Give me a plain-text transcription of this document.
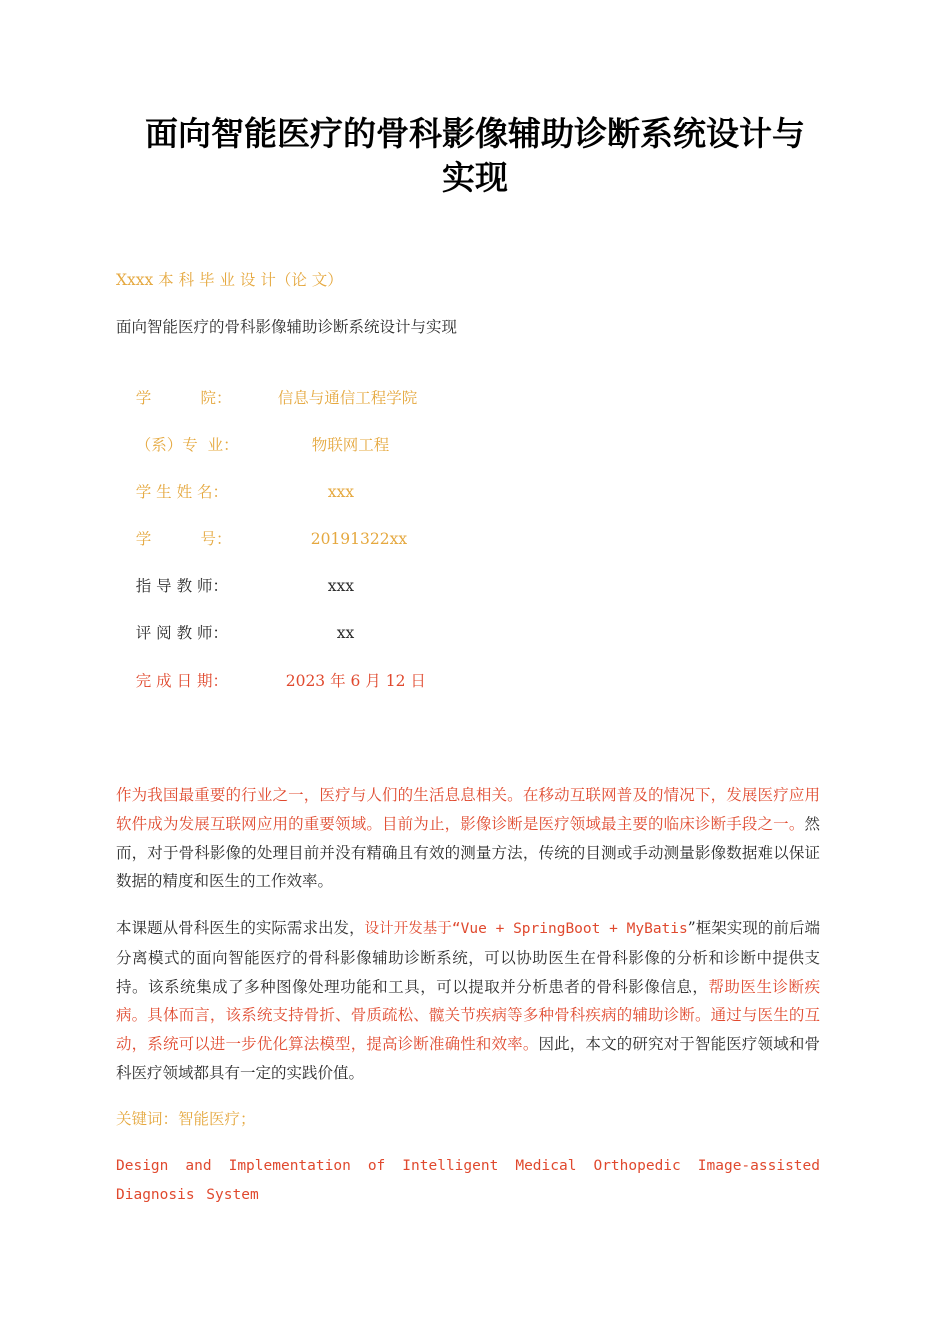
面向智能医疗的骨科影像辅助诊断系统设计与
实现
Xxxx 本 科 毕 业 设 计（论 文）
面向智能医疗的骨科影像辅助诊断系统设计与实现

学          院：	信息与通信工程学院

（系）专  业：	物联网工程

学 生 姓 名：	xxx

学          号：	20191322xx

指 导 教 师：	xxx

评 阅 教 师：	xx

完 成 日 期：	2023 年 6 月 12 日

作为我国最重要的行业之一，医疗与人们的生活息息相关。在移动互联网普及的情况下，发展医疗应用软件成为发展互联网应用的重要领域。目前为止，影像诊断是医疗领域最主要的临床诊断手段之一。然而，对于骨科影像的处理目前并没有精确且有效的测量方法，传统的目测或手动测量影像数据难以保证数据的精度和医生的工作效率。
本课题从骨科医生的实际需求出发，设计开发基于“Vue + SpringBoot + MyBatis”框架实现的前后端分离模式的面向智能医疗的骨科影像辅助诊断系统，可以协助医生在骨科影像的分析和诊断中提供支持。该系统集成了多种图像处理功能和工具，可以提取并分析患者的骨科影像信息，帮助医生诊断疾病。具体而言，该系统支持骨折、骨质疏松、髋关节疾病等多种骨科疾病的辅助诊断。通过与医生的互动，系统可以进一步优化算法模型，提高诊断准确性和效率。因此，本文的研究对于智能医疗领域和骨科医疗领域都具有一定的实践价值。
关键词：智能医疗；
Design and Implementation of Intelligent Medical Orthopedic Image-assisted Diagnosis System
